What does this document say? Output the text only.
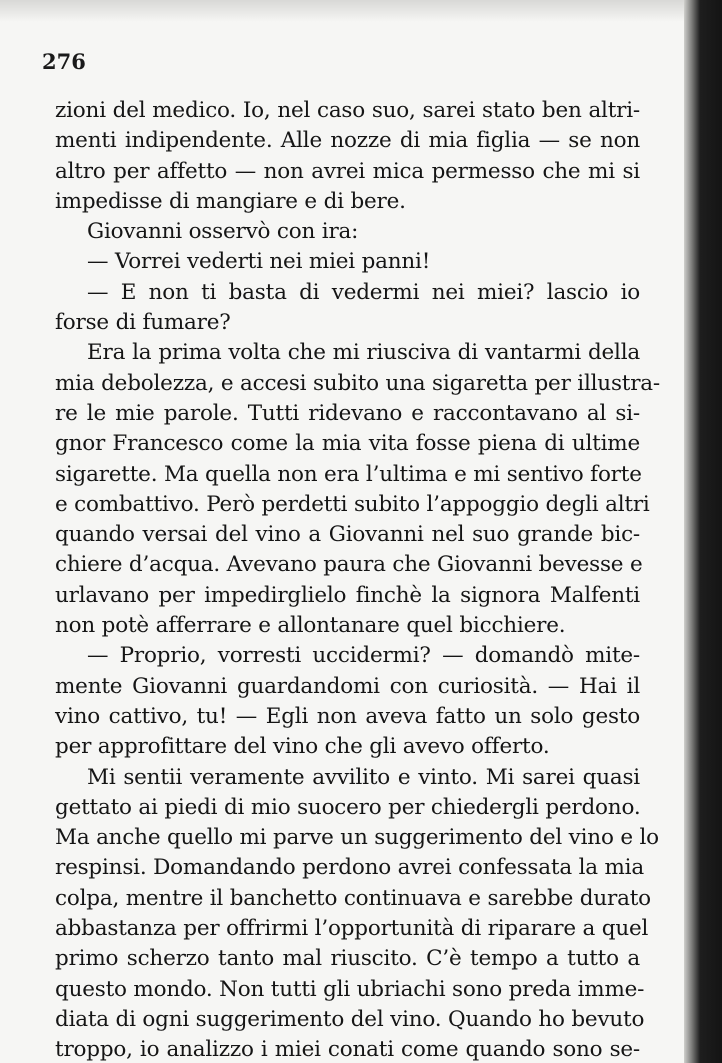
276
zioni del medico. Io, nel caso suo, sarei stato ben altri-
menti indipendente. Alle nozze di mia figlia — se non
altro per affetto — non avrei mica permesso che mi si
impedisse di mangiare e di bere.
Giovanni osservò con ira:
— Vorrei vederti nei miei panni!
— E non ti basta di vedermi nei miei? lascio io
forse di fumare?
Era la prima volta che mi riusciva di vantarmi della
mia debolezza, e accesi subito una sigaretta per illustra-
re le mie parole. Tutti ridevano e raccontavano al si-
gnor Francesco come la mia vita fosse piena di ultime
sigarette. Ma quella non era l’ultima e mi sentivo forte
e combattivo. Però perdetti subito l’appoggio degli altri
quando versai del vino a Giovanni nel suo grande bic-
chiere d’acqua. Avevano paura che Giovanni bevesse e
urlavano per impedirglielo finchè la signora Malfenti
non potè afferrare e allontanare quel bicchiere.
— Proprio, vorresti uccidermi? — domandò mite-
mente Giovanni guardandomi con curiosità. — Hai il
vino cattivo, tu! — Egli non aveva fatto un solo gesto
per approfittare del vino che gli avevo offerto.
Mi sentii veramente avvilito e vinto. Mi sarei quasi
gettato ai piedi di mio suocero per chiedergli perdono.
Ma anche quello mi parve un suggerimento del vino e lo
respinsi. Domandando perdono avrei confessata la mia
colpa, mentre il banchetto continuava e sarebbe durato
abbastanza per offrirmi l’opportunità di riparare a quel
primo scherzo tanto mal riuscito. C’è tempo a tutto a
questo mondo. Non tutti gli ubriachi sono preda imme-
diata di ogni suggerimento del vino. Quando ho bevuto
troppo, io analizzo i miei conati come quando sono se-
